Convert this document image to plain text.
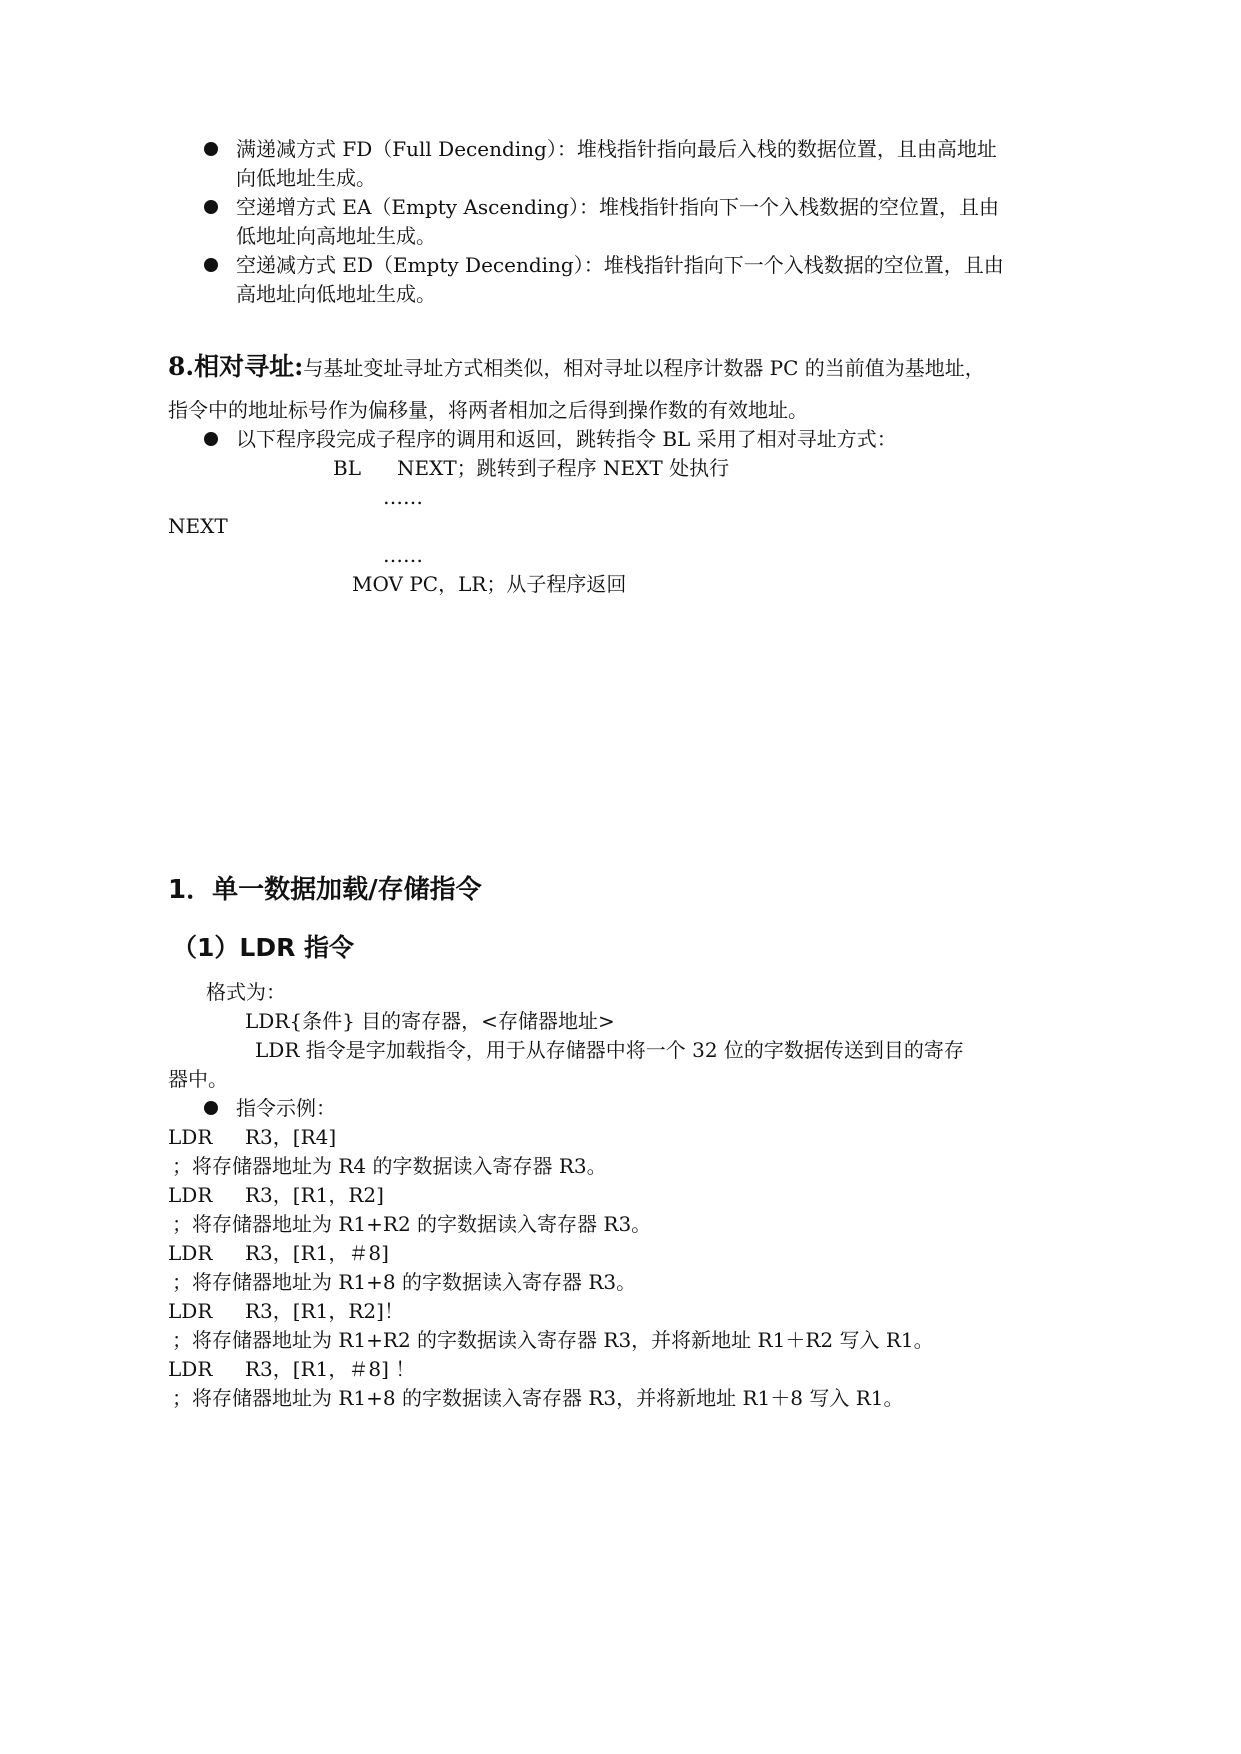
满递减方式 FD（Full Decending）：堆栈指针指向最后入栈的数据位置，且由高地址
向低地址生成。
空递增方式 EA（Empty Ascending）：堆栈指针指向下一个入栈数据的空位置，且由
低地址向高地址生成。
空递减方式 ED（Empty Decending）：堆栈指针指向下一个入栈数据的空位置，且由
高地址向低地址生成。
8.相对寻址:与基址变址寻址方式相类似，相对寻址以程序计数器 PC 的当前值为基地址，
指令中的地址标号作为偏移量，将两者相加之后得到操作数的有效地址。
以下程序段完成子程序的调用和返回，跳转指令 BL 采用了相对寻址方式：
BL NEXT；跳转到子程序 NEXT 处执行
……
NEXT
……
MOV PC，LR；从子程序返回
1．单一数据加载/存储指令
（1）LDR 指令
格式为：
LDR{条件} 目的寄存器，<存储器地址>
LDR 指令是字加载指令，用于从存储器中将一个 32 位的字数据传送到目的寄存
器中。
指令示例：
LDR R3，[R4]
；将存储器地址为 R4 的字数据读入寄存器 R3。
LDR R3，[R1，R2]
；将存储器地址为 R1+R2 的字数据读入寄存器 R3。
LDR R3，[R1，＃8]
；将存储器地址为 R1+8 的字数据读入寄存器 R3。
LDR R3，[R1，R2]！
；将存储器地址为 R1+R2 的字数据读入寄存器 R3，并将新地址 R1＋R2 写入 R1。
LDR R3，[R1，＃8] ！
；将存储器地址为 R1+8 的字数据读入寄存器 R3，并将新地址 R1＋8 写入 R1。
